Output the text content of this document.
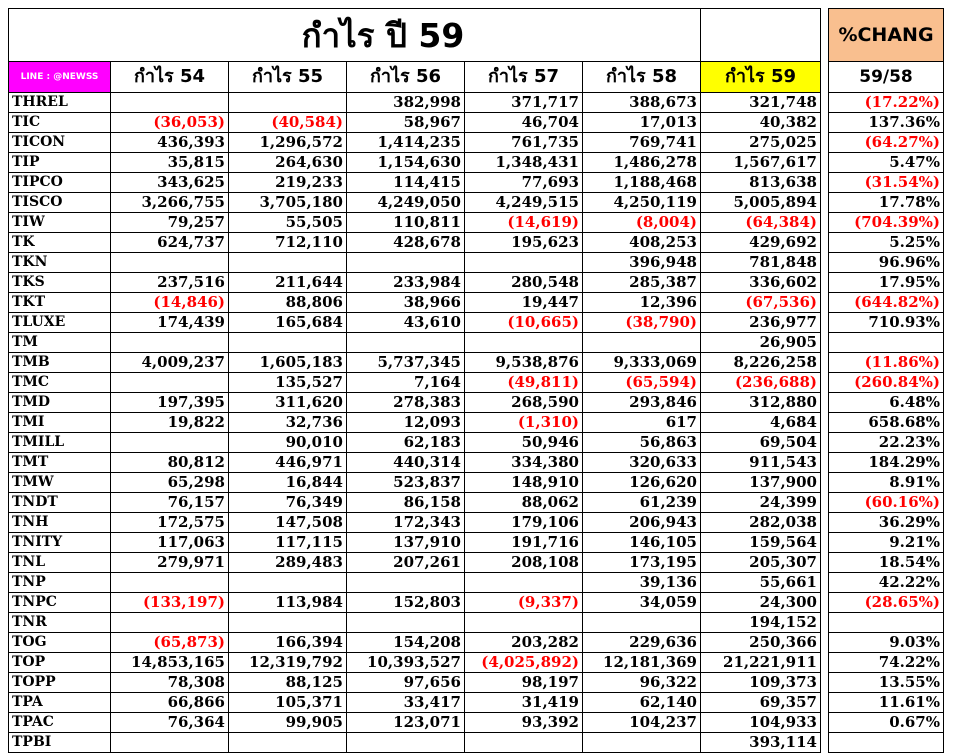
กำไร ปี 59								%CHANG
LINE : @NEWSS	กำไร 54	กำไร 55	กำไร 56	กำไร 57	กำไร 58	กำไร 59		59/58
THREL			382,998	371,717	388,673	321,748		(17.22%)
TIC	(36,053)	(40,584)	58,967	46,704	17,013	40,382		137.36%
TICON	436,393	1,296,572	1,414,235	761,735	769,741	275,025		(64.27%)
TIP	35,815	264,630	1,154,630	1,348,431	1,486,278	1,567,617		5.47%
TIPCO	343,625	219,233	114,415	77,693	1,188,468	813,638		(31.54%)
TISCO	3,266,755	3,705,180	4,249,050	4,249,515	4,250,119	5,005,894		17.78%
TIW	79,257	55,505	110,811	(14,619)	(8,004)	(64,384)		(704.39%)
TK	624,737	712,110	428,678	195,623	408,253	429,692		5.25%
TKN					396,948	781,848		96.96%
TKS	237,516	211,644	233,984	280,548	285,387	336,602		17.95%
TKT	(14,846)	88,806	38,966	19,447	12,396	(67,536)		(644.82%)
TLUXE	174,439	165,684	43,610	(10,665)	(38,790)	236,977		710.93%
TM						26,905		
TMB	4,009,237	1,605,183	5,737,345	9,538,876	9,333,069	8,226,258		(11.86%)
TMC		135,527	7,164	(49,811)	(65,594)	(236,688)		(260.84%)
TMD	197,395	311,620	278,383	268,590	293,846	312,880		6.48%
TMI	19,822	32,736	12,093	(1,310)	617	4,684		658.68%
TMILL		90,010	62,183	50,946	56,863	69,504		22.23%
TMT	80,812	446,971	440,314	334,380	320,633	911,543		184.29%
TMW	65,298	16,844	523,837	148,910	126,620	137,900		8.91%
TNDT	76,157	76,349	86,158	88,062	61,239	24,399		(60.16%)
TNH	172,575	147,508	172,343	179,106	206,943	282,038		36.29%
TNITY	117,063	117,115	137,910	191,716	146,105	159,564		9.21%
TNL	279,971	289,483	207,261	208,108	173,195	205,307		18.54%
TNP					39,136	55,661		42.22%
TNPC	(133,197)	113,984	152,803	(9,337)	34,059	24,300		(28.65%)
TNR						194,152		
TOG	(65,873)	166,394	154,208	203,282	229,636	250,366		9.03%
TOP	14,853,165	12,319,792	10,393,527	(4,025,892)	12,181,369	21,221,911		74.22%
TOPP	78,308	88,125	97,656	98,197	96,322	109,373		13.55%
TPA	66,866	105,371	33,417	31,419	62,140	69,357		11.61%
TPAC	76,364	99,905	123,071	93,392	104,237	104,933		0.67%
TPBI						393,114		
